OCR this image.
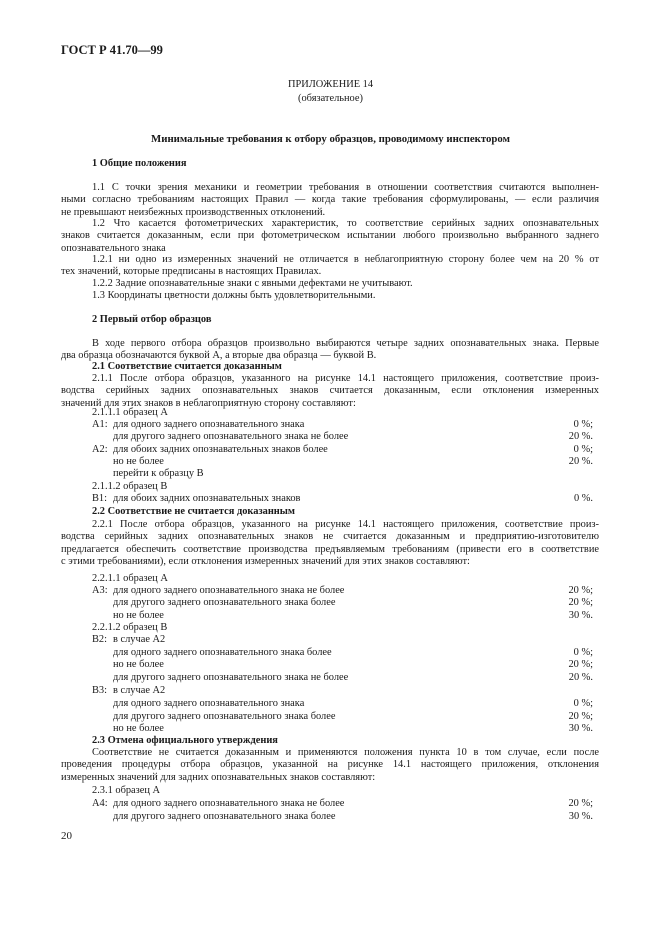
ГОСТ Р 41.70—99
ПРИЛОЖЕНИЕ 14
(обязательное)
Минимальные требования к отбору образцов, проводимому инспектором
1 Общие положения
1.1 С точки зрения механики и геометрии требования в отношении соответствия считаются выполнен-
ными согласно требованиям настоящих Правил — когда такие требования сформулированы, — если различия
не превышают неизбежных производственных отклонений.
1.2 Что касается фотометрических характеристик, то соответствие серийных задних опознавательных
знаков считается доказанным, если при фотометрическом испытании любого произвольно выбранного заднего
опознавательного знака
1.2.1 ни одно из измеренных значений не отличается в неблагоприятную сторону более чем на 20 % от
тех значений, которые предписаны в настоящих Правилах.
1.2.2 Задние опознавательные знаки с явными дефектами не учитывают.
1.3 Координаты цветности должны быть удовлетворительными.
2 Первый отбор образцов
В ходе первого отбора образцов произвольно выбираются четыре задних опознавательных знака. Первые
два образца обозначаются буквой А, а вторые два образца — буквой В.
2.1 Соответствие считается доказанным
2.1.1 После отбора образцов, указанного на рисунке 14.1 настоящего приложения, соответствие произ-
водства серийных задних опознавательных знаков считается доказанным, если отклонения измеренных
значений для этих знаков в неблагоприятную сторону составляют:
2.1.1.1 образец А
А1: для одного заднего опознавательного знака	0 %;
для другого заднего опознавательного знака не более	20 %.
А2: для обоих задних опознавательных знаков более	0 %;
но не более	20 %.
перейти к образцу В
2.1.1.2 образец В
В1: для обоих задних опознавательных знаков	0 %.
2.2 Соответствие не считается доказанным
2.2.1 После отбора образцов, указанного на рисунке 14.1 настоящего приложения, соответствие произ-
водства серийных задних опознавательных знаков не считается доказанным и предприятию-изготовителю
предлагается обеспечить соответствие производства предъявляемым требованиям (привести его в соответствие
с этими требованиями), если отклонения измеренных значений для этих знаков составляют:
2.2.1.1 образец А
А3: для одного заднего опознавательного знака не более	20 %;
для другого заднего опознавательного знака более	20 %;
но не более	30 %.
2.2.1.2 образец В
В2: в случае А2
для одного заднего опознавательного знака более	0 %;
но не более	20 %;
для другого заднего опознавательного знака не более	20 %.
В3: в случае А2
для одного заднего опознавательного знака	0 %;
для другого заднего опознавательного знака более	20 %;
но не более	30 %.
2.3 Отмена официального утверждения
Соответствие не считается доказанным и применяются положения пункта 10 в том случае, если после
проведения процедуры отбора образцов, указанной на рисунке 14.1 настоящего приложения, отклонения
измеренных значений для задних опознавательных знаков составляют:
2.3.1 образец А
А4: для одного заднего опознавательного знака не более	20 %;
для другого заднего опознавательного знака более	30 %.
20
